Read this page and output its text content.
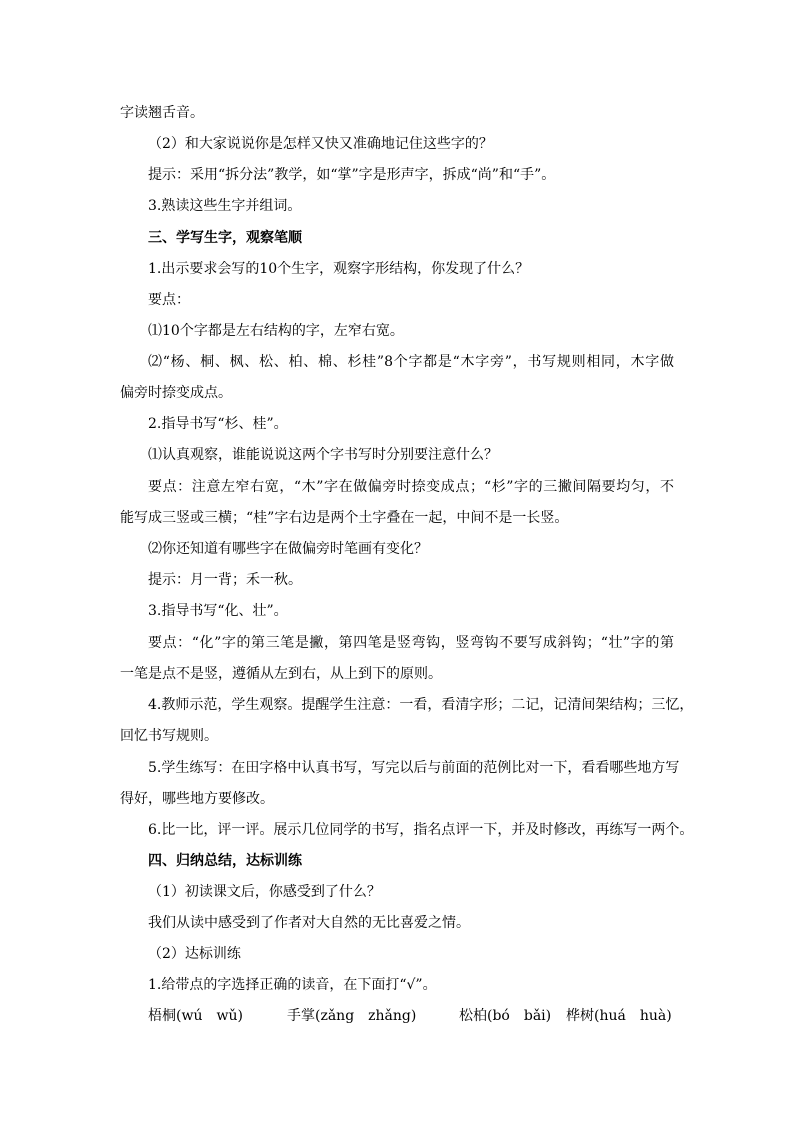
字读翘舌音。
（2）和大家说说你是怎样又快又准确地记住这些字的？
提示：采用“拆分法”教学，如“掌”字是形声字，拆成“尚”和“手”。
3.熟读这些生字并组词。
三、学写生字，观察笔顺
1.出示要求会写的10个生字，观察字形结构，你发现了什么？
要点：
⑴10个字都是左右结构的字，左窄右宽。
⑵“杨、桐、枫、松、柏、棉、杉桂”8个字都是“木字旁”，书写规则相同，木字做
偏旁时捺变成点。
2.指导书写“杉、桂”。
⑴认真观察，谁能说说这两个字书写时分别要注意什么？
要点：注意左窄右宽，“木”字在做偏旁时捺变成点；“杉”字的三撇间隔要均匀，不
能写成三竖或三横；“桂”字右边是两个土字叠在一起，中间不是一长竖。
⑵你还知道有哪些字在做偏旁时笔画有变化？
提示：月一背；禾一秋。
3.指导书写“化、壮”。
要点：“化”字的第三笔是撇，第四笔是竖弯钩，竖弯钩不要写成斜钩；“壮”字的第
一笔是点不是竖，遵循从左到右，从上到下的原则。
4.教师示范，学生观察。提醒学生注意：一看，看清字形；二记，记清间架结构；三忆，
回忆书写规则。
5.学生练写：在田字格中认真书写，写完以后与前面的范例比对一下，看看哪些地方写
得好，哪些地方要修改。
6.比一比，评一评。展示几位同学的书写，指名点评一下，并及时修改，再练写一两个。
四、归纳总结，达标训练
（1）初读课文后，你感受到了什么？
我们从读中感受到了作者对大自然的无比喜爱之情。
（2）达标训练
1.给带点的字选择正确的读音，在下面打“√”。
梧桐(wú　wǔ)	手掌(zǎng　zhǎng)	松柏(bó　bǎi) 桦树(huá　huà)
